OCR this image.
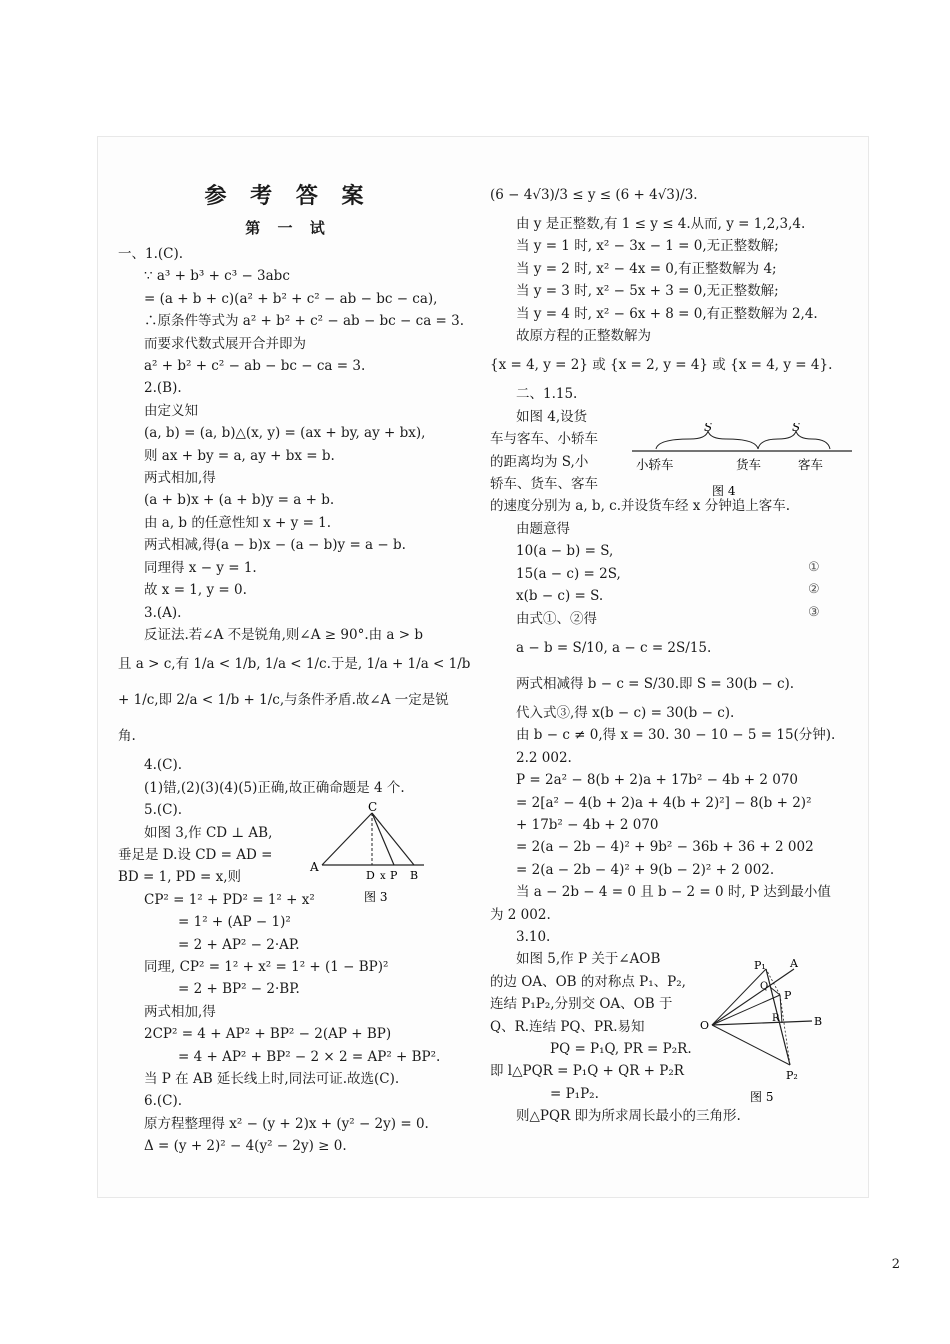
参 考 答 案
第 一 试
一、1.(C).
∵ a³ + b³ + c³ − 3abc
= (a + b + c)(a² + b² + c² − ab − bc − ca),
∴原条件等式为 a² + b² + c² − ab − bc − ca = 3.
而要求代数式展开合并即为
a² + b² + c² − ab − bc − ca = 3.
2.(B).
由定义知
(a, b) = (a, b)△(x, y) = (ax + by, ay + bx),
则 ax + by = a, ay + bx = b.
两式相加,得
(a + b)x + (a + b)y = a + b.
由 a, b 的任意性知 x + y = 1.
两式相减,得(a − b)x − (a − b)y = a − b.
同理得 x − y = 1.
故 x = 1, y = 0.
3.(A).
反证法.若∠A 不是锐角,则∠A ≥ 90°.由 a > b
且 a > c,有 1/a < 1/b, 1/a < 1/c.于是, 1/a + 1/a < 1/b
+ 1/c,即 2/a < 1/b + 1/c,与条件矛盾.故∠A 一定是锐
角.
4.(C).
(1)错,(2)(3)(4)(5)正确,故正确命题是 4 个.
5.(C).
如图 3,作 CD ⊥ AB,
垂足是 D.设 CD = AD =
BD = 1, PD = x,则
CP² = 1² + PD² = 1² + x²
= 1² + (AP − 1)²
= 2 + AP² − 2·AP.
同理, CP² = 1² + x² = 1² + (1 − BP)²
= 2 + BP² − 2·BP.
两式相加,得
2CP² = 4 + AP² + BP² − 2(AP + BP)
= 4 + AP² + BP² − 2 × 2 = AP² + BP².
当 P 在 AB 延长线上时,同法可证.故选(C).
6.(C).
原方程整理得 x² − (y + 2)x + (y² − 2y) = 0.
Δ = (y + 2)² − 4(y² − 2y) ≥ 0.
C
A
D x P B
图 3
(6 − 4√3)/3 ≤ y ≤ (6 + 4√3)/3.
由 y 是正整数,有 1 ≤ y ≤ 4.从而, y = 1,2,3,4.
当 y = 1 时, x² − 3x − 1 = 0,无正整数解;
当 y = 2 时, x² − 4x = 0,有正整数解为 4;
当 y = 3 时, x² − 5x + 3 = 0,无正整数解;
当 y = 4 时, x² − 6x + 8 = 0,有正整数解为 2,4.
故原方程的正整数解为
{x = 4, y = 2} 或 {x = 2, y = 4} 或 {x = 4, y = 4}.
二、1.15.
如图 4,设货
车与客车、小轿车
的距离均为 S,小
轿车、货车、客车
的速度分别为 a, b, c.并设货车经 x 分钟追上客车.
由题意得
10(a − b) = S,
15(a − c) = 2S,
x(b − c) = S.
由式①、②得
a − b = S/10, a − c = 2S/15.
两式相减得 b − c = S/30.即 S = 30(b − c).
代入式③,得 x(b − c) = 30(b − c).
由 b − c ≠ 0,得 x = 30. 30 − 10 − 5 = 15(分钟).
2.2 002.
P = 2a² − 8(b + 2)a + 17b² − 4b + 2 070
= 2[a² − 4(b + 2)a + 4(b + 2)²] − 8(b + 2)²
+ 17b² − 4b + 2 070
= 2(a − 2b − 4)² + 9b² − 36b + 36 + 2 002
= 2(a − 2b − 4)² + 9(b − 2)² + 2 002.
当 a − 2b − 4 = 0 且 b − 2 = 0 时, P 达到最小值
为 2 002.
3.10.
如图 5,作 P 关于∠AOB
的边 OA、OB 的对称点 P₁、P₂,
连结 P₁P₂,分别交 OA、OB 于
Q、R.连结 PQ、PR.易知
PQ = P₁Q, PR = P₂R.
即 l△PQR = P₁Q + QR + P₂R
= P₁P₂.
则△PQR 即为所求周长最小的三角形.
S	S
小轿车	货车	客车
图 4
①
②
③
P₁ A
Q
P
O
R	B
P₂
图 5
2
